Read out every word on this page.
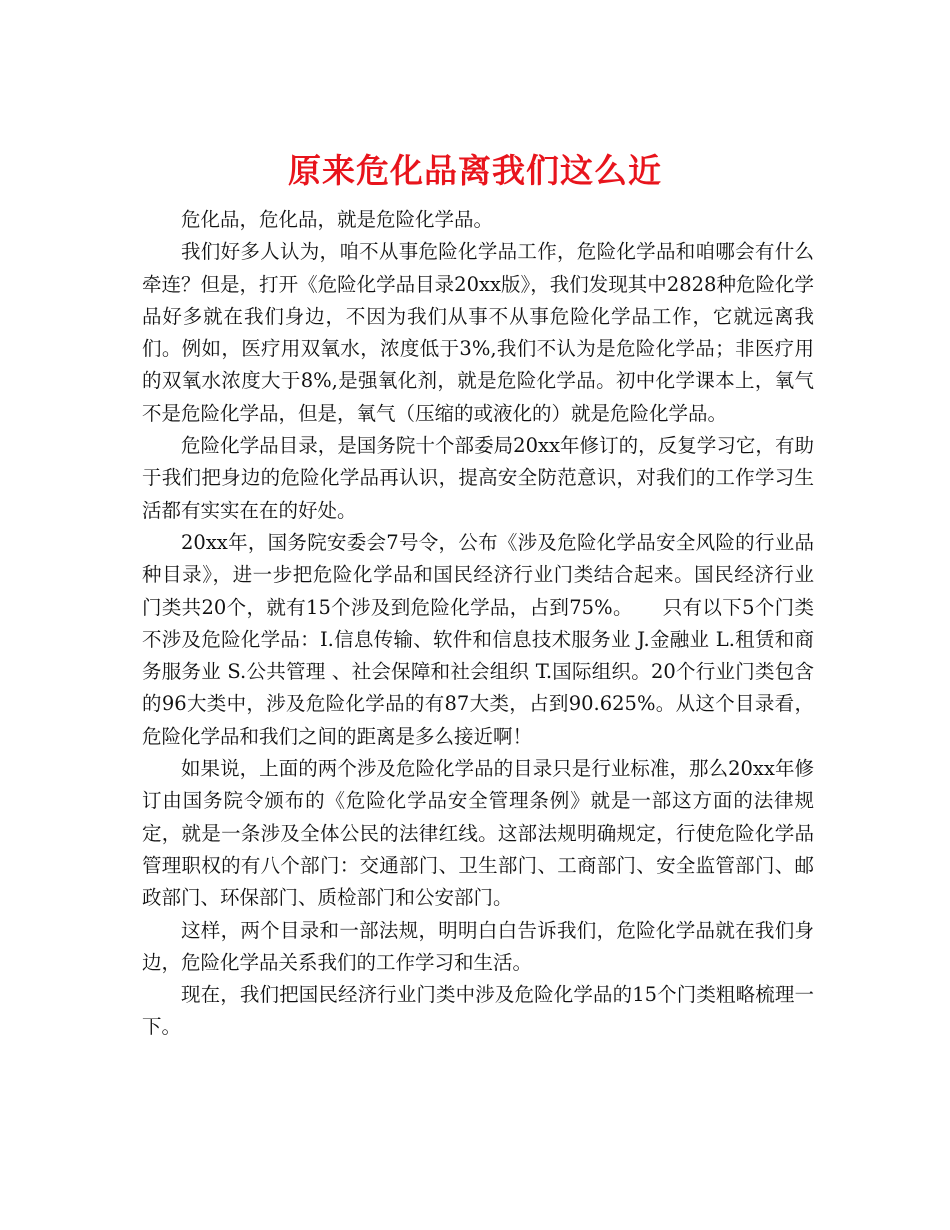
原来危化品离我们这么近

危化品，危化品，就是危险化学品。

我们好多人认为，咱不从事危险化学品工作，危险化学品和咱哪会有什么牵连？但是，打开《危险化学品目录20xx版》，我们发现其中2828种危险化学品好多就在我们身边，不因为我们从事不从事危险化学品工作，它就远离我们。例如，医疗用双氧水，浓度低于3%,我们不认为是危险化学品；非医疗用的双氧水浓度大于8%,是强氧化剂，就是危险化学品。初中化学课本上，氧气不是危险化学品，但是，氧气（压缩的或液化的）就是危险化学品。

危险化学品目录，是国务院十个部委局20xx年修订的，反复学习它，有助于我们把身边的危险化学品再认识，提高安全防范意识，对我们的工作学习生活都有实实在在的好处。

20xx年，国务院安委会7号令，公布《涉及危险化学品安全风险的行业品种目录》，进一步把危险化学品和国民经济行业门类结合起来。国民经济行业门类共20个，就有15个涉及到危险化学品，占到75%。　　只有以下5个门类不涉及危险化学品：I.信息传输、软件和信息技术服务业 J.金融业 L.租赁和商务服务业 S.公共管理 、社会保障和社会组织 T.国际组织。20个行业门类包含的96大类中，涉及危险化学品的有87大类，占到90.625%。从这个目录看，危险化学品和我们之间的距离是多么接近啊！

如果说，上面的两个涉及危险化学品的目录只是行业标准，那么20xx年修订由国务院令颁布的《危险化学品安全管理条例》就是一部这方面的法律规定，就是一条涉及全体公民的法律红线。这部法规明确规定，行使危险化学品管理职权的有八个部门：交通部门、卫生部门、工商部门、安全监管部门、邮政部门、环保部门、质检部门和公安部门。

这样，两个目录和一部法规，明明白白告诉我们，危险化学品就在我们身边，危险化学品关系我们的工作学习和生活。

现在，我们把国民经济行业门类中涉及危险化学品的15个门类粗略梳理一下。
